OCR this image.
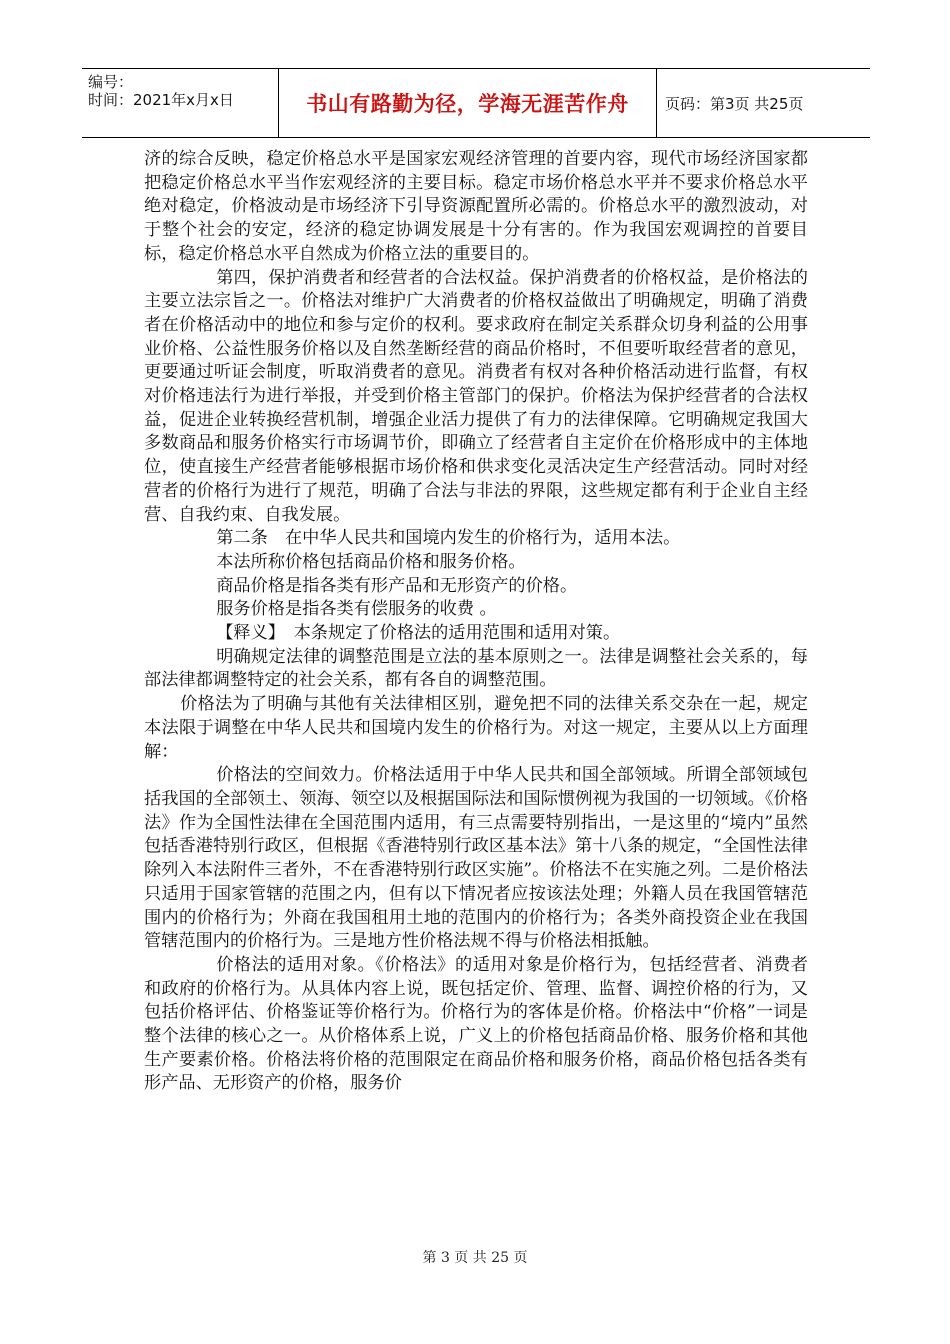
编号：
时间：2021年x月x日	书山有路勤为径，学海无涯苦作舟	页码：第3页 共25页

济的综合反映，稳定价格总水平是国家宏观经济管理的首要内容，现代市场经济国家都把稳定价格总水平当作宏观经济的主要目标。稳定市场价格总水平并不要求价格总水平绝对稳定，价格波动是市场经济下引导资源配置所必需的。价格总水平的激烈波动，对于整个社会的安定，经济的稳定协调发展是十分有害的。作为我国宏观调控的首要目标，稳定价格总水平自然成为价格立法的重要目的。

第四，保护消费者和经营者的合法权益。保护消费者的价格权益，是价格法的主要立法宗旨之一。价格法对维护广大消费者的价格权益做出了明确规定，明确了消费者在价格活动中的地位和参与定价的权利。要求政府在制定关系群众切身利益的公用事业价格、公益性服务价格以及自然垄断经营的商品价格时，不但要听取经营者的意见，更要通过听证会制度，听取消费者的意见。消费者有权对各种价格活动进行监督，有权对价格违法行为进行举报，并受到价格主管部门的保护。价格法为保护经营者的合法权益，促进企业转换经营机制，增强企业活力提供了有力的法律保障。它明确规定我国大多数商品和服务价格实行市场调节价，即确立了经营者自主定价在价格形成中的主体地位，使直接生产经营者能够根据市场价格和供求变化灵活决定生产经营活动。同时对经营者的价格行为进行了规范，明确了合法与非法的界限，这些规定都有利于企业自主经营、自我约束、自我发展。

第二条　在中华人民共和国境内发生的价格行为，适用本法。

本法所称价格包括商品价格和服务价格。

商品价格是指各类有形产品和无形资产的价格。

服务价格是指各类有偿服务的收费 。

【释义】　本条规定了价格法的适用范围和适用对策。

明确规定法律的调整范围是立法的基本原则之一。法律是调整社会关系的，每部法律都调整特定的社会关系，都有各自的调整范围。

价格法为了明确与其他有关法律相区别，避免把不同的法律关系交杂在一起，规定本法限于调整在中华人民共和国境内发生的价格行为。对这一规定，主要从以上方面理解：

价格法的空间效力。价格法适用于中华人民共和国全部领域。所谓全部领域包括我国的全部领土、领海、领空以及根据国际法和国际惯例视为我国的一切领域。《价格法》作为全国性法律在全国范围内适用，有三点需要特别指出，一是这里的“境内”虽然包括香港特别行政区，但根据《香港特别行政区基本法》第十八条的规定，“全国性法律除列入本法附件三者外，不在香港特别行政区实施”。价格法不在实施之列。二是价格法只适用于国家管辖的范围之内，但有以下情况者应按该法处理；外籍人员在我国管辖范围内的价格行为；外商在我国租用土地的范围内的价格行为；各类外商投资企业在我国管辖范围内的价格行为。三是地方性价格法规不得与价格法相抵触。

价格法的适用对象。《价格法》的适用对象是价格行为，包括经营者、消费者和政府的价格行为。从具体内容上说，既包括定价、管理、监督、调控价格的行为，又包括价格评估、价格鉴证等价格行为。价格行为的客体是价格。价格法中“价格”一词是整个法律的核心之一。从价格体系上说，广义上的价格包括商品价格、服务价格和其他生产要素价格。价格法将价格的范围限定在商品价格和服务价格，商品价格包括各类有形产品、无形资产的价格，服务价

第 3 页 共 25 页
